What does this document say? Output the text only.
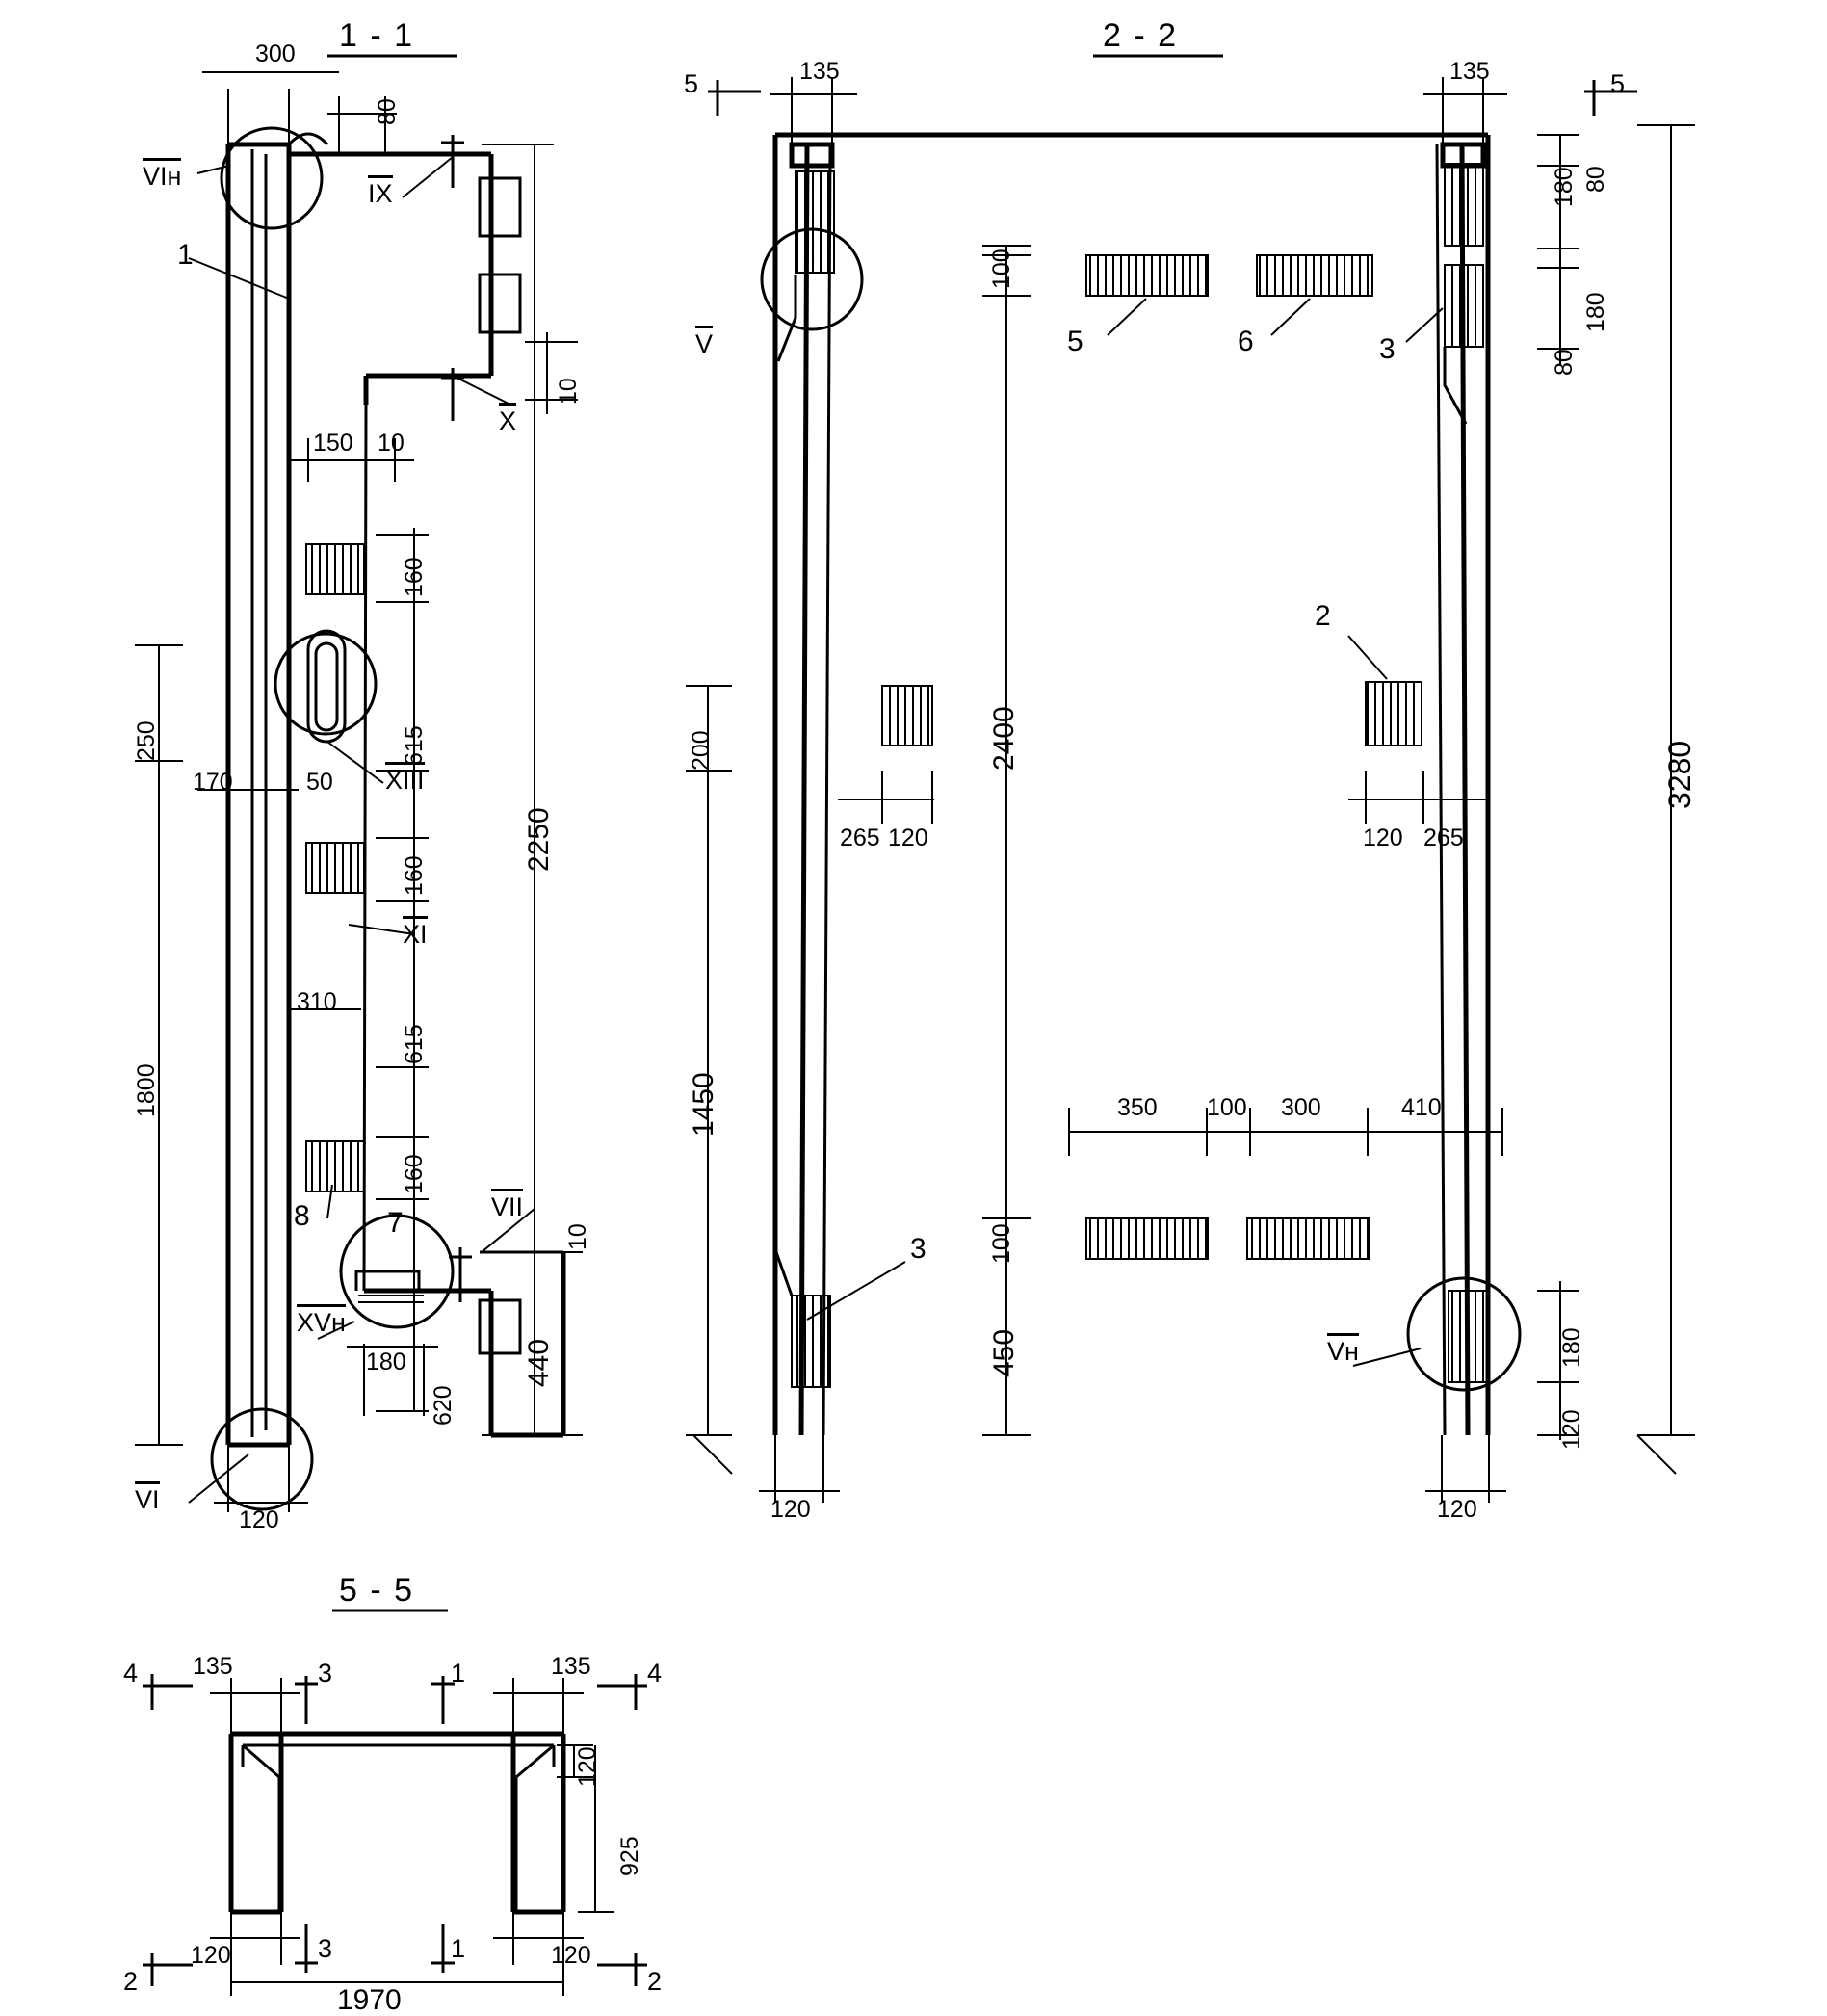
1 - 1	2 - 2
5 - 5
300
80
10
150 10
250
170	50
310
1800
160
615
160
615
160
2250
180
620
440
10
120
VIн
IX
X
XIII
XI
VII
XVн
VI
1
7
8
135	135
180 80
80
180
100
200
265 120	120 265
2400
1450
450
100
350 100 300	410
3280
180
120
120	120
5	5
V
Vн
5	6	3
2
3
135	135
120
925
120	120
1970
4	4
3
3
1
1
2	2
